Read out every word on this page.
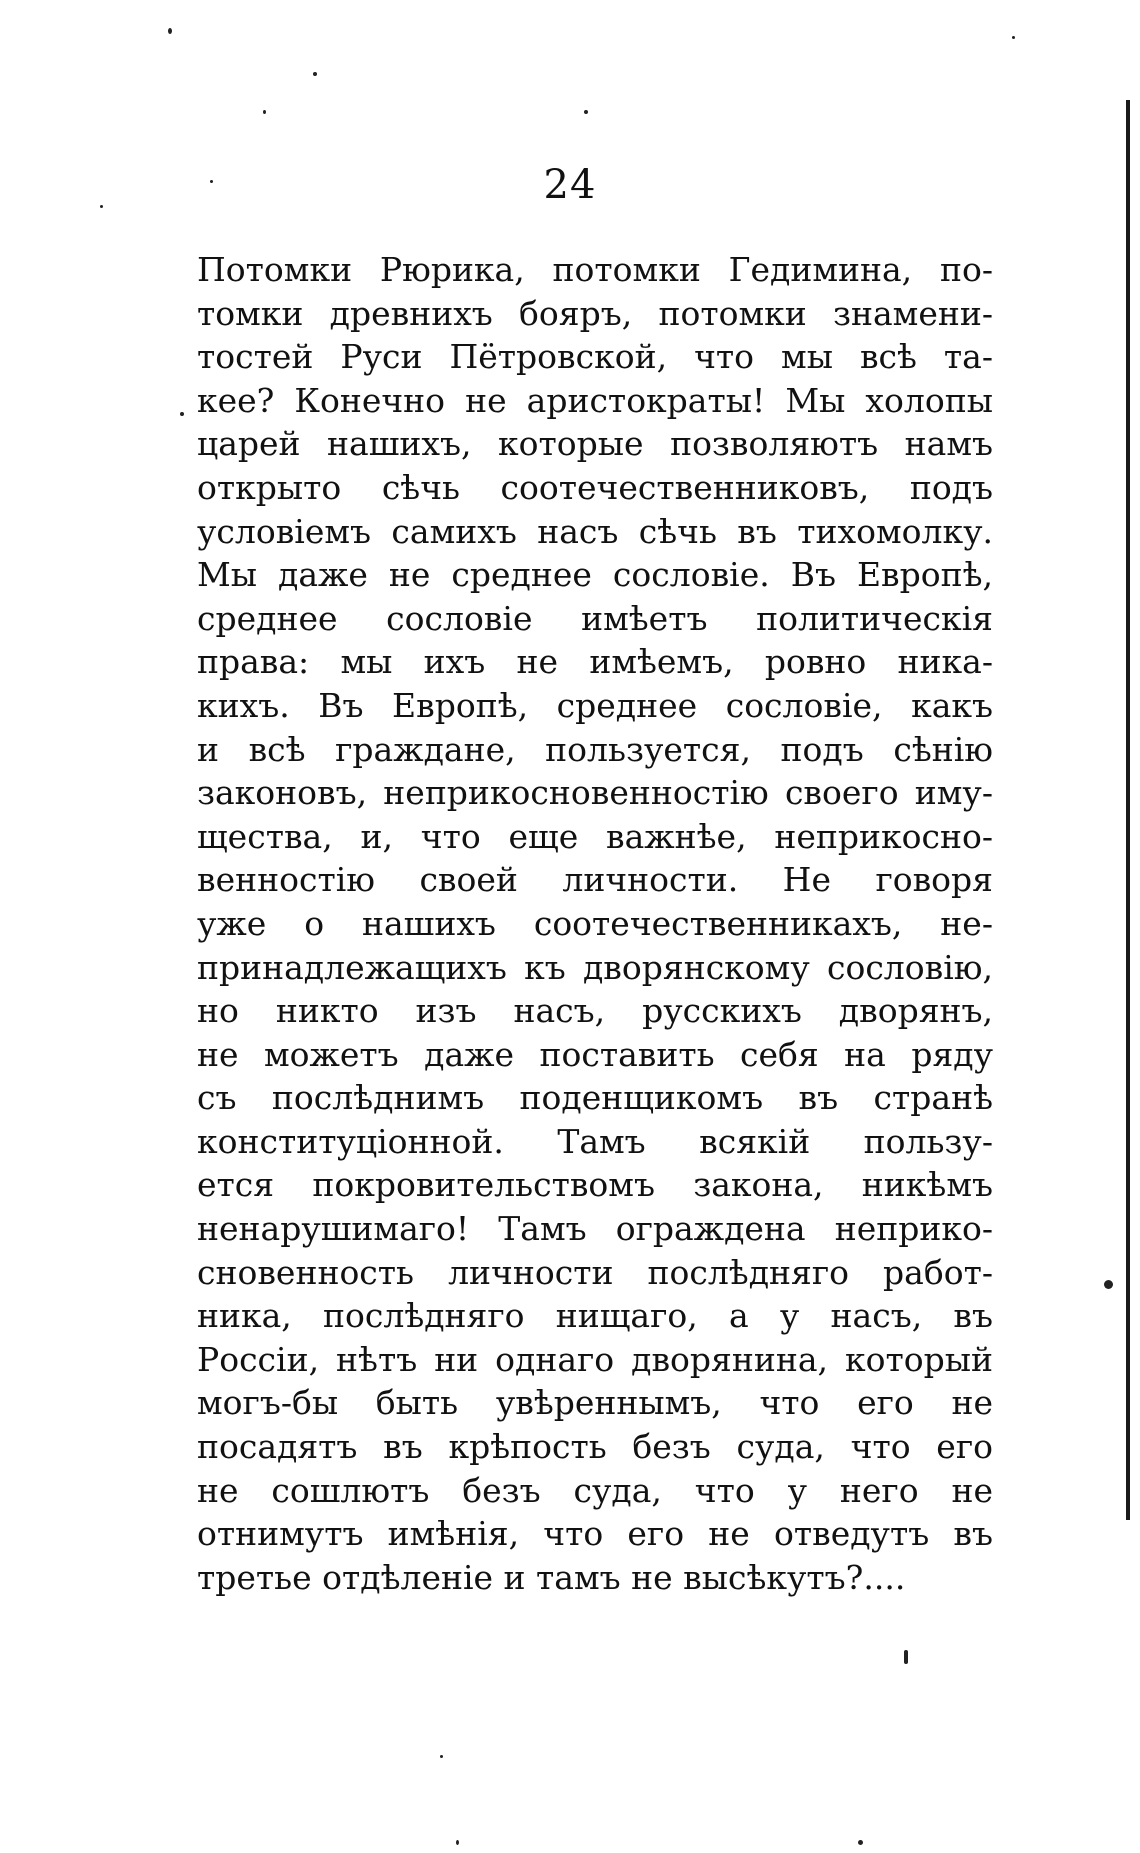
24
Потомки Рюрика, потомки Гедимина, по-
томки древнихъ бояръ, потомки знамени-
тостей Руси Пётровской, что мы всѣ та-
кее? Конечно не аристократы! Мы холопы
царей нашихъ, которые позволяютъ намъ
открыто сѣчь соотечественниковъ, подъ
условіемъ самихъ насъ сѣчь въ тихомолку.
Мы даже не среднее сословіе. Въ Европѣ,
среднее сословіе имѣетъ политическія
права: мы ихъ не имѣемъ, ровно ника-
кихъ. Въ Европѣ, среднее сословіе, какъ
и всѣ граждане, пользуется, подъ сѣнію
законовъ, неприкосновенностію своего иму-
щества, и, что еще важнѣе, неприкосно-
венностію своей личности. Не говоря
уже о нашихъ соотечественникахъ, не-
принадлежащихъ къ дворянскому сословію,
но никто изъ насъ, русскихъ дворянъ,
не можетъ даже поставить себя на ряду
съ послѣднимъ поденщикомъ въ странѣ
конституціонной. Тамъ всякій пользу-
ется покровительствомъ закона, никѣмъ
ненарушимаго! Тамъ ограждена неприко-
сновенность личности послѣдняго работ-
ника, послѣдняго нищаго, а у насъ, въ
Россіи, нѣтъ ни однаго дворянина, который
могъ-бы быть увѣреннымъ, что его не
посадятъ въ крѣпость безъ суда, что его
не сошлютъ безъ суда, что у него не
отнимутъ имѣнія, что его не отведутъ въ
третье отдѣленіе и тамъ не высѣкутъ?....
